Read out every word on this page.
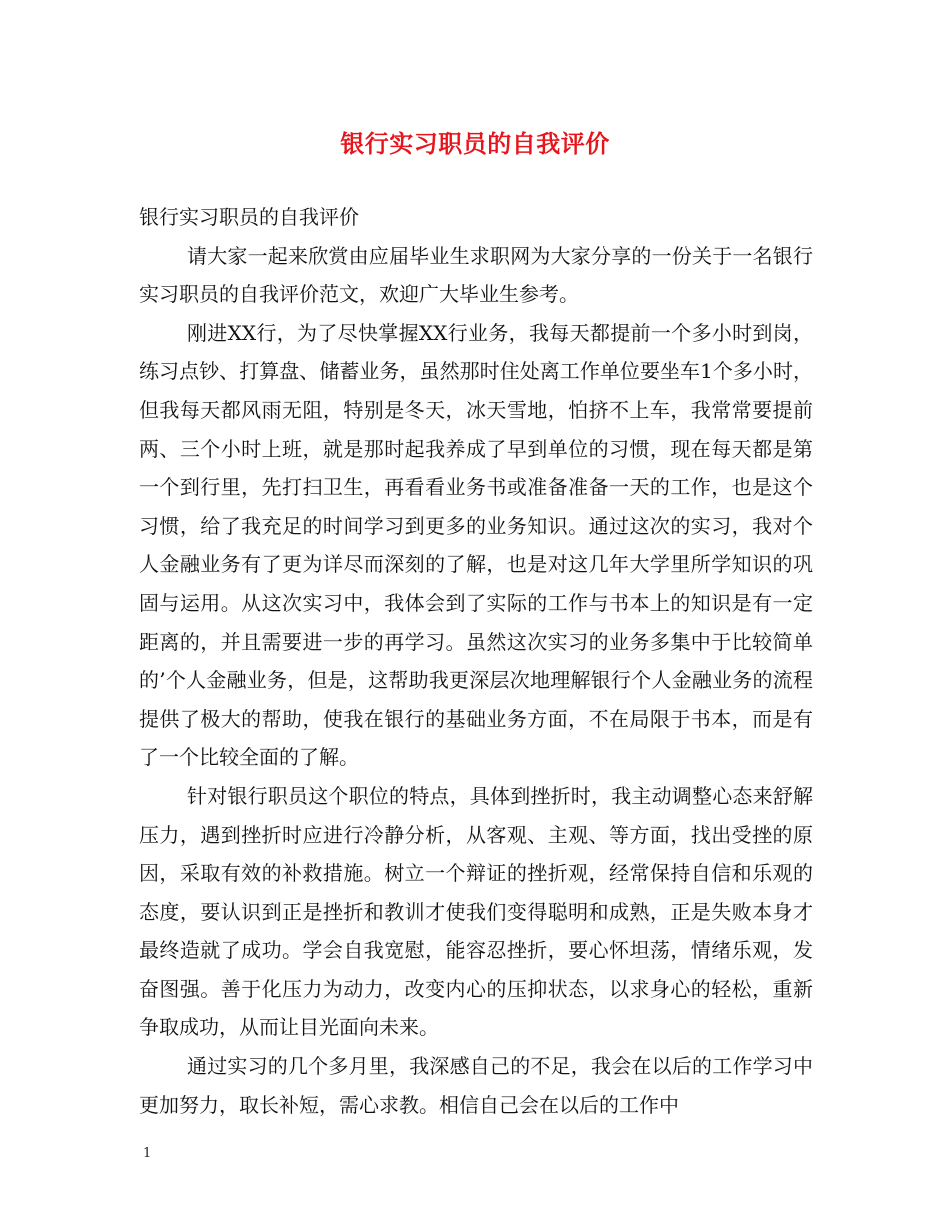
银行实习职员的自我评价

银行实习职员的自我评价

请大家一起来欣赏由应届毕业生求职网为大家分享的一份关于一名银行实习职员的自我评价范文，欢迎广大毕业生参考。

刚进XX行，为了尽快掌握XX行业务，我每天都提前一个多小时到岗，练习点钞、打算盘、储蓄业务，虽然那时住处离工作单位要坐车1个多小时，但我每天都风雨无阻，特别是冬天，冰天雪地，怕挤不上车，我常常要提前两、三个小时上班，就是那时起我养成了早到单位的习惯，现在每天都是第一个到行里，先打扫卫生，再看看业务书或准备准备一天的工作，也是这个习惯，给了我充足的时间学习到更多的业务知识。通过这次的实习，我对个人金融业务有了更为详尽而深刻的了解，也是对这几年大学里所学知识的巩固与运用。从这次实习中，我体会到了实际的工作与书本上的知识是有一定距离的，并且需要进一步的再学习。虽然这次实习的业务多集中于比较简单的’个人金融业务，但是，这帮助我更深层次地理解银行个人金融业务的流程提供了极大的帮助，使我在银行的基础业务方面，不在局限于书本，而是有了一个比较全面的了解。

针对银行职员这个职位的特点，具体到挫折时，我主动调整心态来舒解压力，遇到挫折时应进行冷静分析，从客观、主观、等方面，找出受挫的原因，采取有效的补救措施。树立一个辩证的挫折观，经常保持自信和乐观的态度，要认识到正是挫折和教训才使我们变得聪明和成熟，正是失败本身才最终造就了成功。学会自我宽慰，能容忍挫折，要心怀坦荡，情绪乐观，发奋图强。善于化压力为动力，改变内心的压抑状态，以求身心的轻松，重新争取成功，从而让目光面向未来。

通过实习的几个多月里，我深感自己的不足，我会在以后的工作学习中更加努力，取长补短，需心求教。相信自己会在以后的工作中

1
